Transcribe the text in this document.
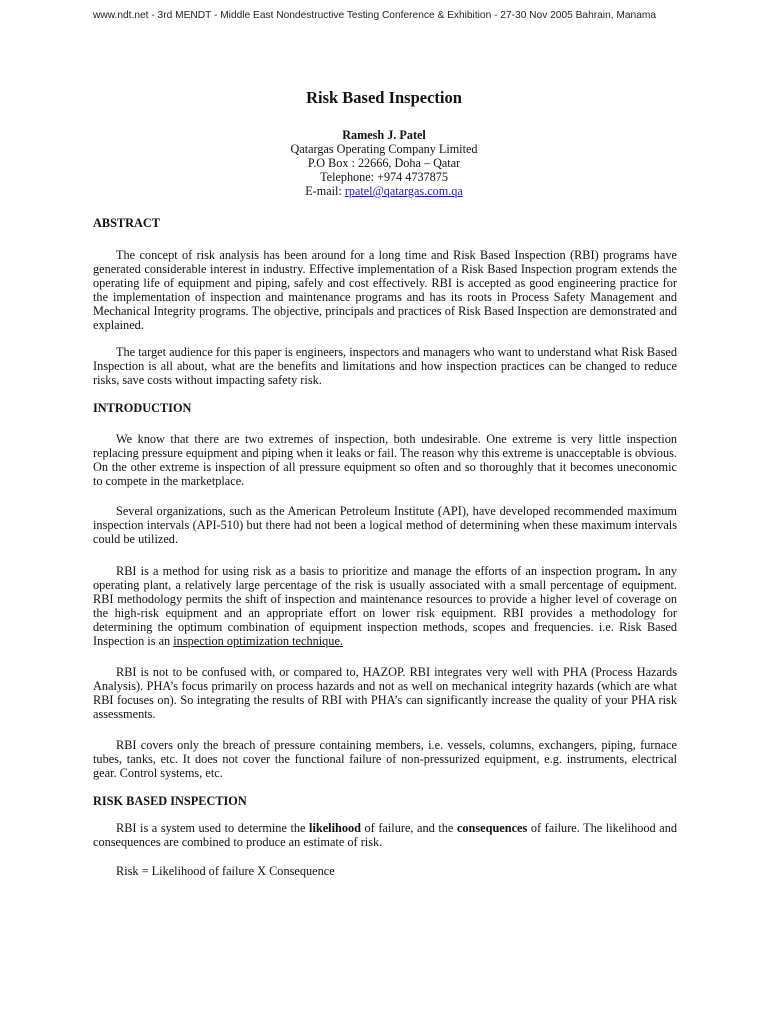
www.ndt.net - 3rd MENDT - Middle East Nondestructive Testing Conference & Exhibition - 27-30 Nov 2005 Bahrain, Manama
Risk Based Inspection
Ramesh J. Patel
Qatargas Operating Company Limited
P.O Box : 22666, Doha – Qatar
Telephone: +974 4737875
E-mail: rpatel@qatargas.com.qa
ABSTRACT
The concept of risk analysis has been around for a long time and Risk Based Inspection (RBI) programs have generated considerable interest in industry. Effective implementation of a Risk Based Inspection program extends the operating life of equipment and piping, safely and cost effectively. RBI is accepted as good engineering practice for the implementation of inspection and maintenance programs and has its roots in Process Safety Management and Mechanical Integrity programs. The objective, principals and practices of Risk Based Inspection are demonstrated and explained.
The target audience for this paper is engineers, inspectors and managers who want to understand what Risk Based Inspection is all about, what are the benefits and limitations and how inspection practices can be changed to reduce risks, save costs without impacting safety risk.
INTRODUCTION
We know that there are two extremes of inspection, both undesirable. One extreme is very little inspection replacing pressure equipment and piping when it leaks or fail. The reason why this extreme is unacceptable is obvious. On the other extreme is inspection of all pressure equipment so often and so thoroughly that it becomes uneconomic to compete in the marketplace.
Several organizations, such as the American Petroleum Institute (API), have developed recommended maximum inspection intervals (API-510) but there had not been a logical method of determining when these maximum intervals could be utilized.
RBI is a method for using risk as a basis to prioritize and manage the efforts of an inspection program. In any operating plant, a relatively large percentage of the risk is usually associated with a small percentage of equipment. RBI methodology permits the shift of inspection and maintenance resources to provide a higher level of coverage on the high-risk equipment and an appropriate effort on lower risk equipment. RBI provides a methodology for determining the optimum combination of equipment inspection methods, scopes and frequencies. i.e. Risk Based Inspection is an inspection optimization technique.
RBI is not to be confused with, or compared to, HAZOP. RBI integrates very well with PHA (Process Hazards Analysis). PHA’s focus primarily on process hazards and not as well on mechanical integrity hazards (which are what RBI focuses on). So integrating the results of RBI with PHA’s can significantly increase the quality of your PHA risk assessments.
RBI covers only the breach of pressure containing members, i.e. vessels, columns, exchangers, piping, furnace tubes, tanks, etc. It does not cover the functional failure of non-pressurized equipment, e.g. instruments, electrical gear. Control systems, etc.
RISK BASED INSPECTION
RBI is a system used to determine the likelihood of failure, and the consequences of failure. The likelihood and consequences are combined to produce an estimate of risk.
Risk = Likelihood of failure X Consequence
